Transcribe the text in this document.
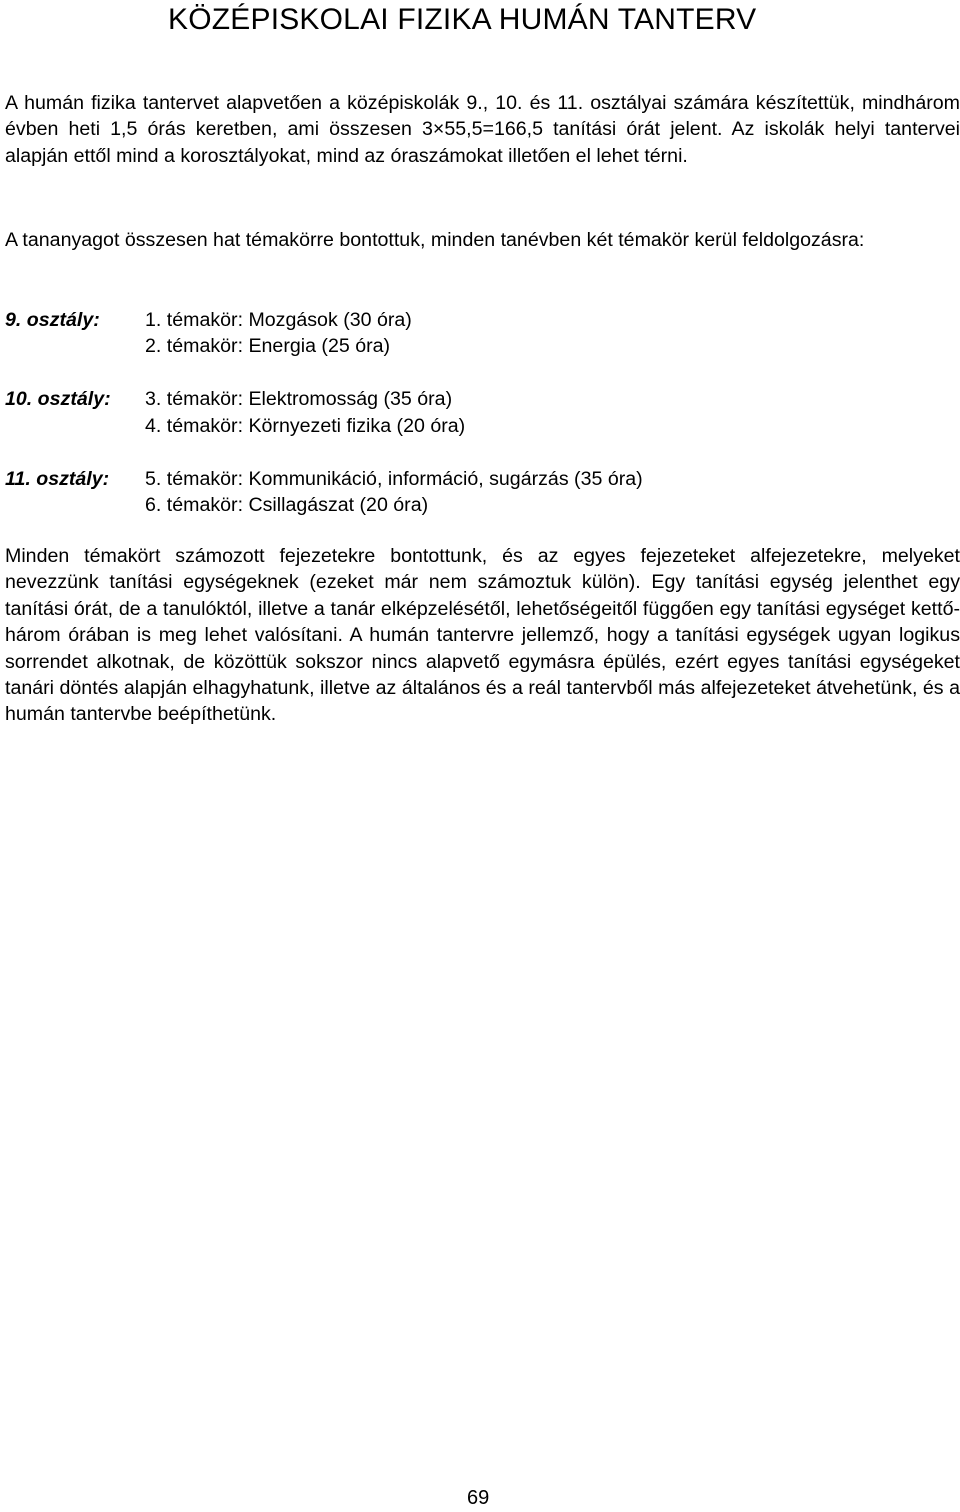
KÖZÉPISKOLAI FIZIKA HUMÁN TANTERV

A humán fizika tantervet alapvetően a középiskolák 9., 10. és 11. osztályai számára készítettük, mindhárom évben heti 1,5 órás keretben, ami összesen 3×55,5=166,5 tanítási órát jelent. Az iskolák helyi tantervei alapján ettől mind a korosztályokat, mind az óraszámokat illetően el lehet térni.

A tananyagot összesen hat témakörre bontottuk, minden tanévben két témakör kerül feldolgozásra:

9. osztály: 1. témakör: Mozgások (30 óra)
2. témakör: Energia (25 óra)
10. osztály: 3. témakör: Elektromosság (35 óra)
4. témakör: Környezeti fizika (20 óra)
11. osztály: 5. témakör: Kommunikáció, információ, sugárzás (35 óra)
6. témakör: Csillagászat (20 óra)

Minden témakört számozott fejezetekre bontottunk, és az egyes fejezeteket alfejezetekre, melyeket nevezzünk tanítási egységeknek (ezeket már nem számoztuk külön). Egy tanítási egység jelenthet egy tanítási órát, de a tanulóktól, illetve a tanár elképzelésétől, lehetőségeitől függően egy tanítási egységet kettő-három órában is meg lehet valósítani. A humán tantervre jellemző, hogy a tanítási egységek ugyan logikus sorrendet alkotnak, de közöttük sokszor nincs alapvető egymásra épülés, ezért egyes tanítási egységeket tanári döntés alapján elhagyhatunk, illetve az általános és a reál tantervből más alfejezeteket átvehetünk, és a humán tantervbe beépíthetünk.

69
